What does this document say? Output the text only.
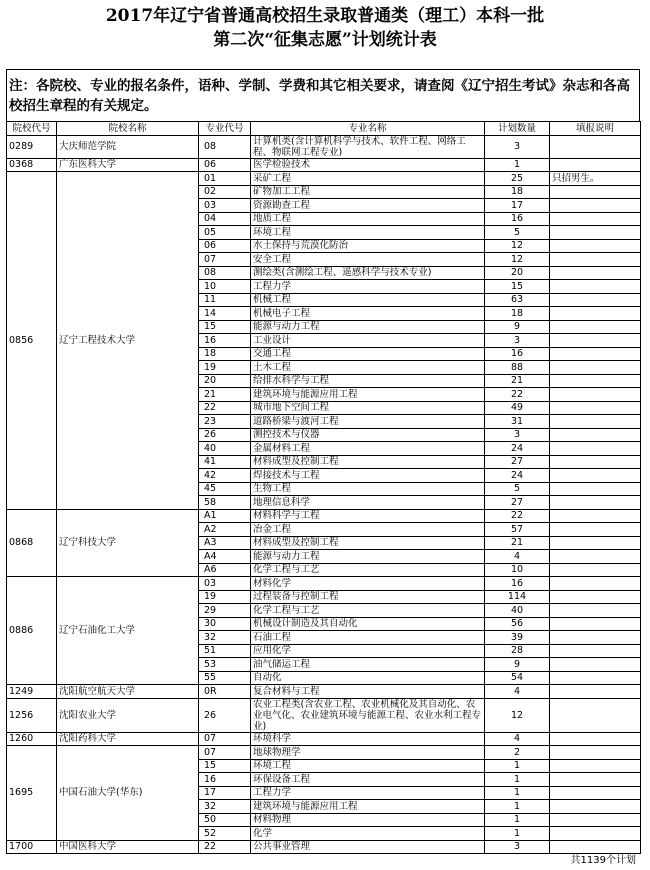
2017年辽宁省普通高校招生录取普通类（理工）本科一批
第二次“征集志愿”计划统计表
注：各院校、专业的报名条件，语种、学制、学费和其它相关要求，请查阅《辽宁招生考试》杂志和各高校招生章程的有关规定。
院校代号	院校名称	专业代号	专业名称	计划数量	填报说明
0289	大庆师范学院	08	计算机类(含计算机科学与技术、软件工程、网络工程、物联网工程专业)	3	
0368	广东医科大学	06	医学检验技术	1	
0856	辽宁工程技术大学	01	采矿工程	25	只招男生。
		02	矿物加工工程	18	
		03	资源勘查工程	17	
		04	地质工程	16	
		05	环境工程	5	
		06	水土保持与荒漠化防治	12	
		07	安全工程	12	
		08	测绘类(含测绘工程、遥感科学与技术专业)	20	
		10	工程力学	15	
		11	机械工程	63	
		14	机械电子工程	18	
		15	能源与动力工程	9	
		16	工业设计	3	
		18	交通工程	16	
		19	土木工程	88	
		20	给排水科学与工程	21	
		21	建筑环境与能源应用工程	22	
		22	城市地下空间工程	49	
		23	道路桥梁与渡河工程	31	
		26	测控技术与仪器	3	
		40	金属材料工程	24	
		41	材料成型及控制工程	27	
		42	焊接技术与工程	24	
		45	生物工程	5	
		58	地理信息科学	27	
0868	辽宁科技大学	A1	材料科学与工程	22	
		A2	冶金工程	57	
		A3	材料成型及控制工程	21	
		A4	能源与动力工程	4	
		A6	化学工程与工艺	10	
0886	辽宁石油化工大学	03	材料化学	16	
		19	过程装备与控制工程	114	
		29	化学工程与工艺	40	
		30	机械设计制造及其自动化	56	
		32	石油工程	39	
		51	应用化学	28	
		53	油气储运工程	9	
		55	自动化	54	
1249	沈阳航空航天大学	0R	复合材料与工程	4	
1256	沈阳农业大学	26	农业工程类(含农业工程、农业机械化及其自动化、农业电气化、农业建筑环境与能源工程、农业水利工程专业)	12	
1260	沈阳药科大学	07	环境科学	4	
1695	中国石油大学(华东)	07	地球物理学	2	
		15	环境工程	1	
		16	环保设备工程	1	
		17	工程力学	1	
		32	建筑环境与能源应用工程	1	
		50	材料物理	1	
		52	化学	1	
1700	中国医科大学	22	公共事业管理	3	
共1139个计划
